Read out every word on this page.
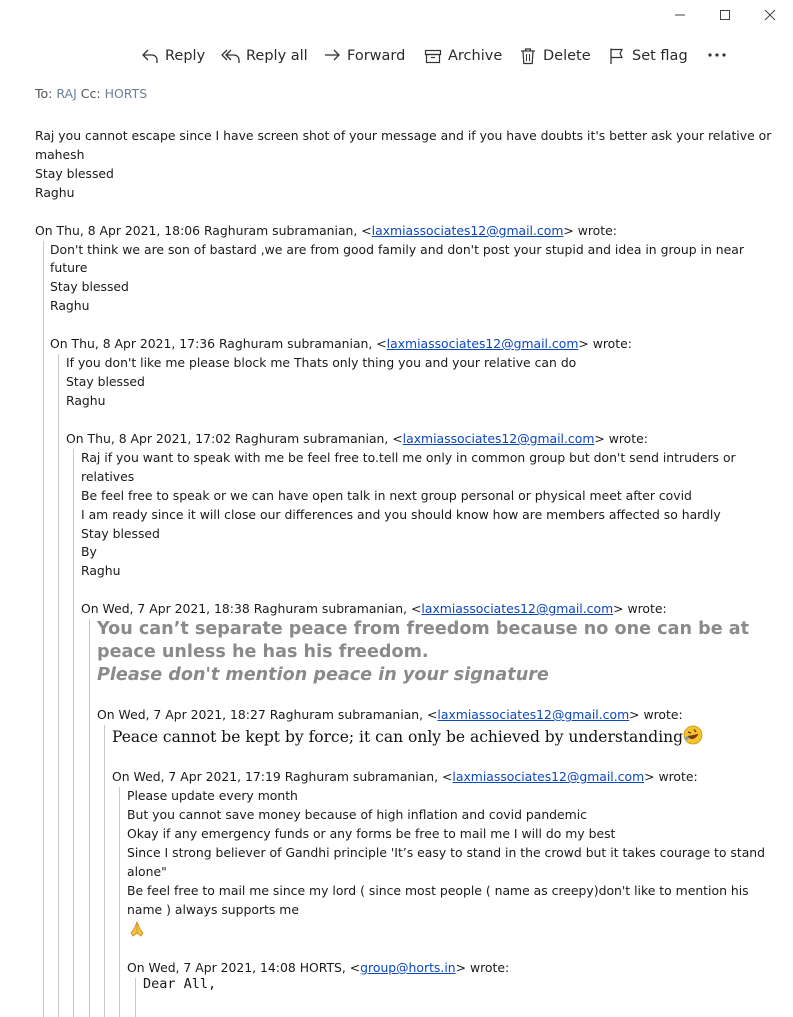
Reply	Reply all	Forward	Archive	Delete	Set flag
To: RAJ Cc: HORTS
Raj you cannot escape since I have screen shot of your message and if you have doubts it's better ask your relative or
mahesh
Stay blessed
Raghu
On Thu, 8 Apr 2021, 18:06 Raghuram subramanian, <laxmiassociates12@gmail.com> wrote:
Don't think we are son of bastard ,we are from good family and don't post your stupid and idea in group in near
future
Stay blessed
Raghu
On Thu, 8 Apr 2021, 17:36 Raghuram subramanian, <laxmiassociates12@gmail.com> wrote:
If you don't like me please block me Thats only thing you and your relative can do
Stay blessed
Raghu
On Thu, 8 Apr 2021, 17:02 Raghuram subramanian, <laxmiassociates12@gmail.com> wrote:
Raj if you want to speak with me be feel free to.tell me only in common group but don't send intruders or
relatives
Be feel free to speak or we can have open talk in next group personal or physical meet after covid
I am ready since it will close our differences and you should know how are members affected so hardly
Stay blessed
By
Raghu
On Wed, 7 Apr 2021, 18:38 Raghuram subramanian, <laxmiassociates12@gmail.com> wrote:
You can’t separate peace from freedom because no one can be at
peace unless he has his freedom.
Please don't mention peace in your signature
On Wed, 7 Apr 2021, 18:27 Raghuram subramanian, <laxmiassociates12@gmail.com> wrote:
Peace cannot be kept by force; it can only be achieved by understanding
On Wed, 7 Apr 2021, 17:19 Raghuram subramanian, <laxmiassociates12@gmail.com> wrote:
Please update every month
But you cannot save money because of high inflation and covid pandemic
Okay if any emergency funds or any forms be free to mail me I will do my best
Since I strong believer of Gandhi principle 'It’s easy to stand in the crowd but it takes courage to stand
alone"
Be feel free to mail me since my lord ( since most people ( name as creepy)don't like to mention his
name ) always supports me
On Wed, 7 Apr 2021, 14:08 HORTS, <group@horts.in> wrote:
Dear All,
